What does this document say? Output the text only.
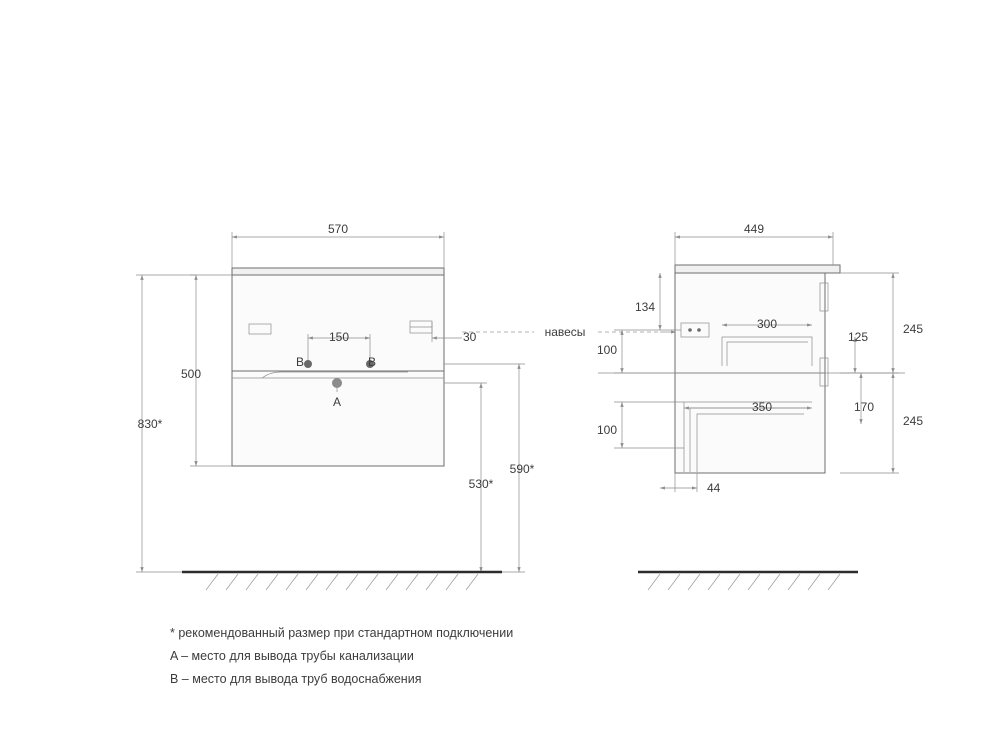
570
500
830*
530*
590*
150	30
B	B
A
навесы
449
134
100
100
300
350
125
170
245
245
44
* рекомендованный размер при стандартном подключении
A – место для вывода трубы канализации
B – место для вывода труб водоснабжения
